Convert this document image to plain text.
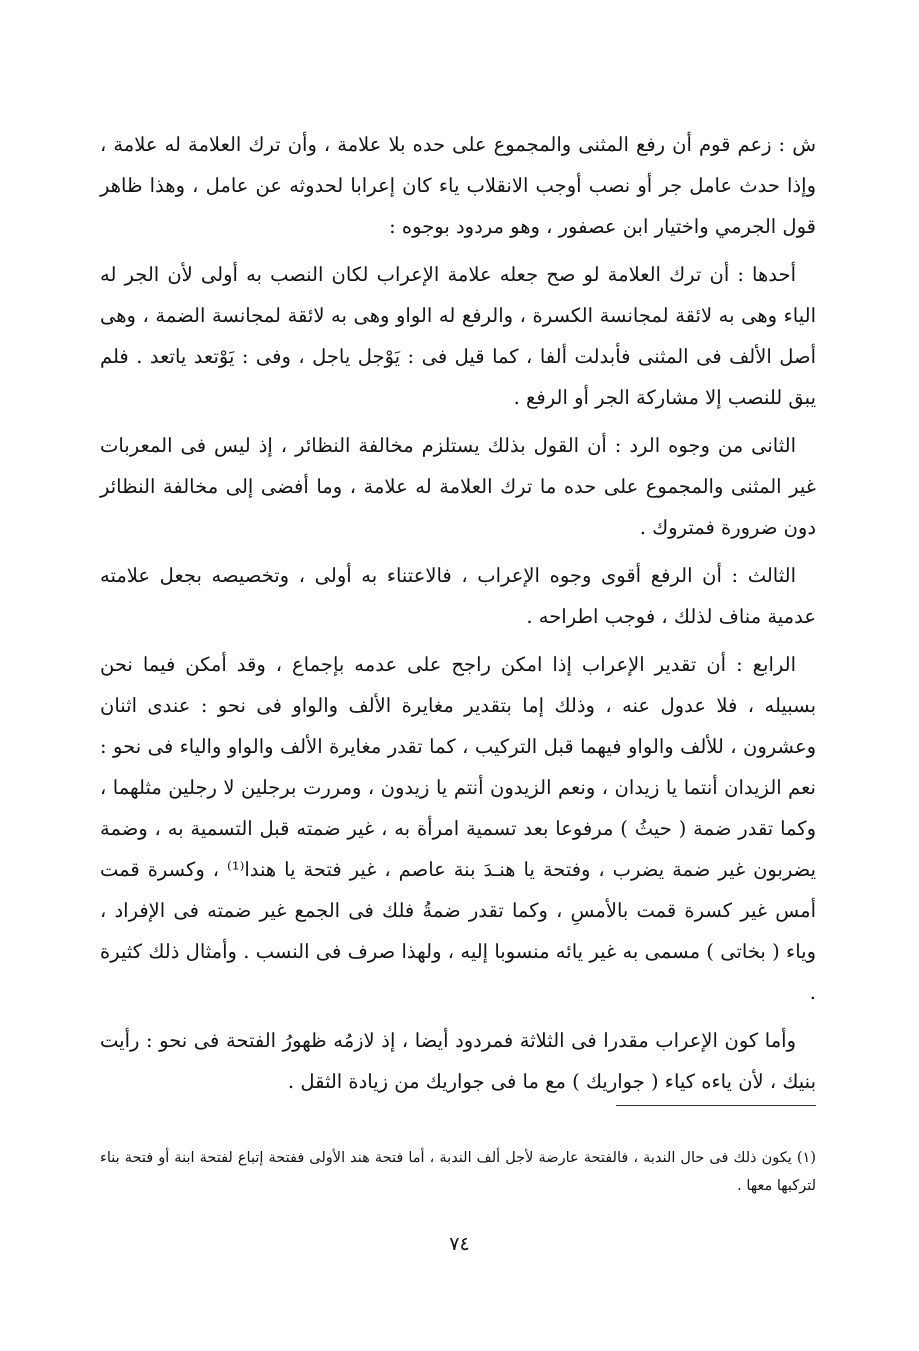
ش : زعم قوم أن رفع المثنى والمجموع على حده بلا علامة ، وأن ترك العلامة له علامة ، وإذا حدث عامل جر أو نصب أوجب الانقلاب ياء كان إعرابا لحدوثه عن عامل ، وهذا ظاهر قول الجرمي واختيار ابن عصفور ، وهو مردود بوجوه :

أحدها : أن ترك العلامة لو صح جعله علامة الإعراب لكان النصب به أولى لأن الجر له الياء وهى به لائقة لمجانسة الكسرة ، والرفع له الواو وهى به لائقة لمجانسة الضمة ، وهى أصل الألف فى المثنى فأبدلت ألفا ، كما قيل فى : يَوْجل ياجل ، وفى : يَوْتعد ياتعد . فلم يبق للنصب إلا مشاركة الجر أو الرفع .

الثانى من وجوه الرد : أن القول بذلك يستلزم مخالفة النظائر ، إذ ليس فى المعربات غير المثنى والمجموع على حده ما ترك العلامة له علامة ، وما أفضى إلى مخالفة النظائر دون ضرورة فمتروك .

الثالث : أن الرفع أقوى وجوه الإعراب ، فالاعتناء به أولى ، وتخصيصه بجعل علامته عدمية مناف لذلك ، فوجب اطراحه .

الرابع : أن تقدير الإعراب إذا امكن راجح على عدمه بإجماع ، وقد أمكن فيما نحن بسبيله ، فلا عدول عنه ، وذلك إما بتقدير مغايرة الألف والواو فى نحو : عندى اثنان وعشرون ، للألف والواو فيهما قبل التركيب ، كما تقدر مغايرة الألف والواو والياء فى نحو : نعم الزيدان أنتما يا زيدان ، ونعم الزيدون أنتم يا زيدون ، ومررت برجلين لا رجلين مثلهما ، وكما تقدر ضمة ( حيثُ ) مرفوعا بعد تسمية امرأة به ، غير ضمته قبل التسمية به ، وضمة يضربون غير ضمة يضرب ، وفتحة يا هنـدَ بنة عاصم ، غير فتحة يا هندا⁽¹⁾ ، وكسرة قمت أمس غير كسرة قمت بالأمسِ ، وكما تقدر ضمةُ فلك فى الجمع غير ضمته فى الإفراد ، وياء ( بخاتى ) مسمى به غير يائه منسوبا إليه ، ولهذا صرف فى النسب . وأمثال ذلك كثيرة .

وأما كون الإعراب مقدرا فى الثلاثة فمردود أيضا ، إذ لازمُه ظهورُ الفتحة فى نحو : رأيت بنيك ، لأن ياءه كياء ( جواريك ) مع ما فى جواريك من زيادة الثقل .

(١) يكون ذلك فى حال الندبة ، فالفتحة عارضة لأجل ألف الندبة ، أما فتحة هند الأولى ففتحة إتباع لفتحة ابنة أو فتحة بناء لتركبها معها .

٧٤
